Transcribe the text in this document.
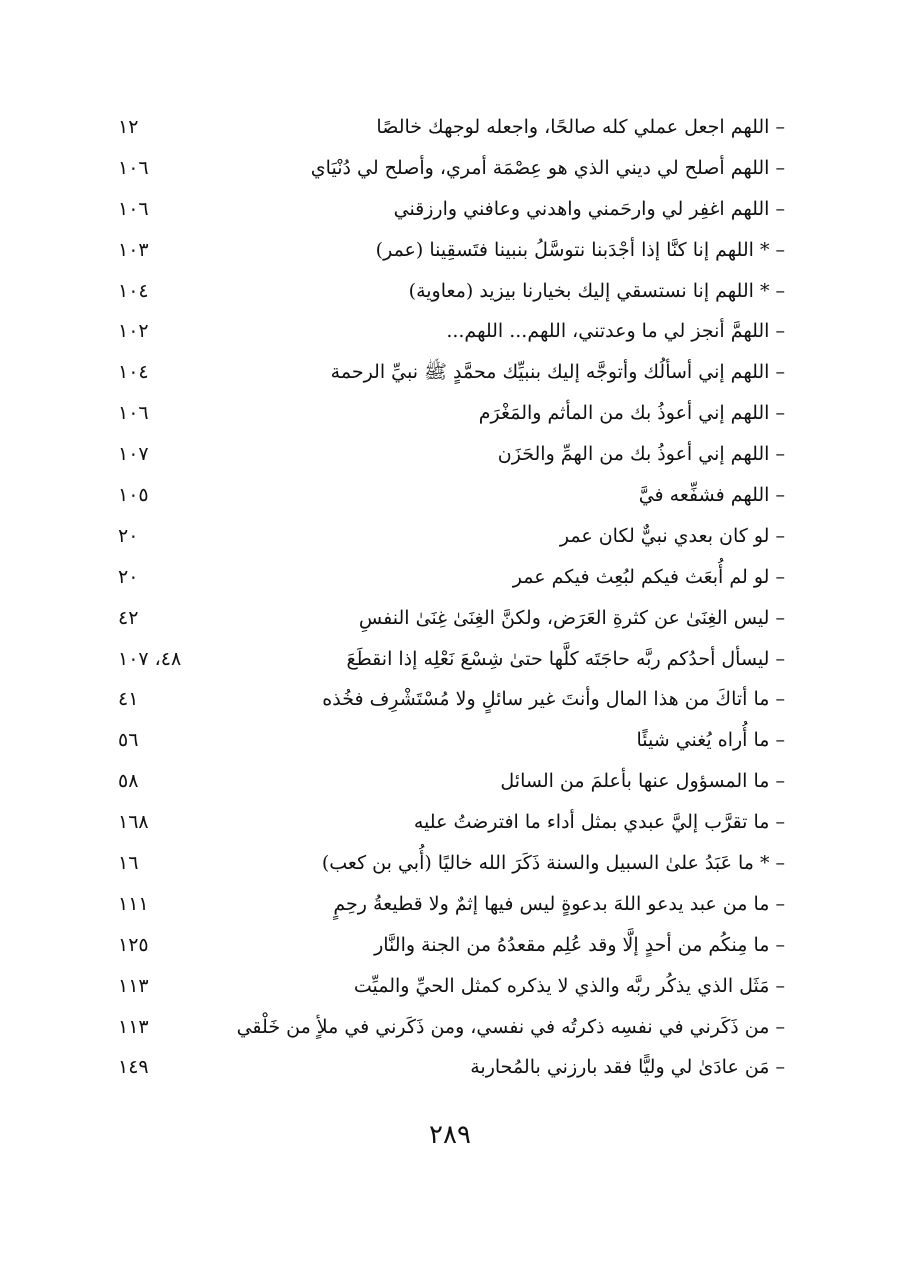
– اللهم اجعل عملي كله صالحًا، واجعله لوجهك خالصًا
١٢
– اللهم أصلح لي ديني الذي هو عِصْمَة أمري، وأصلح لي دُنْيَاي
١٠٦
– اللهم اغفِر لي وارحَمني واهدني وعافني وارزقني
١٠٦
– * اللهم إنا كنَّا إذا أجْدَبنا نتوسَّلُ بنبينا فتَسقِينا (عمر)
١٠٣
– * اللهم إنا نستسقي إليك بخيارنا بيزيد (معاوية)
١٠٤
– اللهمَّ أنجز لي ما وعدتني، اللهم... اللهم...
١٠٢
– اللهم إني أسألُك وأتوجَّه إليك بنبيِّك محمَّدٍ ﷺ نبيِّ الرحمة
١٠٤
– اللهم إني أعوذُ بك من المأثم والمَغْرَم
١٠٦
– اللهم إني أعوذُ بك من الهمِّ والحَزَن
١٠٧
– اللهم فشفِّعه فيَّ
١٠٥
– لو كان بعدي نبيٌّ لكان عمر
٢٠
– لو لم أُبعَث فيكم لبُعِث فيكم عمر
٢٠
– ليس الغِنَىٰ عن كثرةِ العَرَض، ولكنَّ الغِنَىٰ غِنَىٰ النفسِ
٤٢
– ليسأل أحدُكم ربَّه حاجَتَه كلَّها حتىٰ شِسْعَ نَعْلِه إذا انقطَعَ
٤٨، ١٠٧
– ما أتاكَ من هذا المال وأنتَ غير سائلٍ ولا مُسْتَشْرِف فخُذه
٤١
– ما أُراه يُغني شيئًا
٥٦
– ما المسؤول عنها بأعلمَ من السائل
٥٨
– ما تقرَّب إليَّ عبدي بمثل أداء ما افترضتُ عليه
١٦٨
– * ما عَبَدُ علىٰ السبيل والسنة ذَكَرَ الله خاليًا (أُبي بن كعب)
١٦
– ما من عبد يدعو اللهَ بدعوةٍ ليس فيها إثمٌ ولا قطيعةُ رحِمٍ
١١١
– ما مِنكُم من أحدٍ إلَّا وقد عُلِم مقعدُهُ من الجنة والنَّار
١٢٥
– مَثَل الذي يذكُر ربَّه والذي لا يذكره كمثل الحيِّ والميِّت
١١٣
– من ذَكَرني في نفسِه ذكرتُه في نفسي، ومن ذَكَرني في ملأٍ من خَلْقي
١١٣
– مَن عادَىٰ لي وليًّا فقد بارزني بالمُحاربة
١٤٩
٢٨٩
